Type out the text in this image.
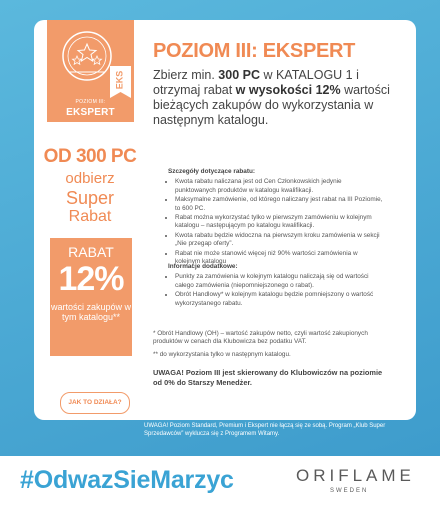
EKS
POZIOM III:
EKSPERT
OD 300 PC
odbierz
Super
Rabat
RABAT
12%
wartości zakupów w tym katalogu**
JAK TO DZIAŁA?
POZIOM III: EKSPERT
Zbierz min. 300 PC w KATALOGU 1 i otrzymaj rabat w wysokości 12% wartości bieżących zakupów do wykorzystania w następnym katalogu.
Szczegóły dotyczące rabatu:
• Kwota rabatu naliczana jest od Cen Członkowskich jedynie punktowanych produktów w katalogu kwalifikacji.
• Maksymalne zamówienie, od którego naliczany jest rabat na III Poziomie, to 600 PC.
• Rabat można wykorzystać tylko w pierwszym zamówieniu w kolejnym katalogu – następującym po katalogu kwalifikacji.
• Kwota rabatu będzie widoczna na pierwszym kroku zamówienia w sekcji „Nie przegap oferty”.
• Rabat nie może stanowić więcej niż 90% wartości zamówienia w kolejnym katalogu
Informacje dodatkowe:
• Punkty za zamówienia w kolejnym katalogu naliczają się od wartości całego zamówienia (niepomniejszonego o rabat).
• Obrót Handlowy* w kolejnym katalogu będzie pomniejszony o wartość wykorzystanego rabatu.

* Obrót Handlowy (OH) – wartość zakupów netto, czyli wartość zakupionych produktów w cenach dla Klubowicza bez podatku VAT.

** do wykorzystania tylko w następnym katalogu.

UWAGA! Poziom III jest skierowany do Klubowiczów na poziomie od 0% do Starszy Menedżer.
UWAGA! Poziom Standard, Premium i Ekspert nie łączą się ze sobą. Program „Klub Super Sprzedawców” wyklucza się z Programem Witamy.
#OdwazSieMarzyc	ORIFLAME
SWEDEN
